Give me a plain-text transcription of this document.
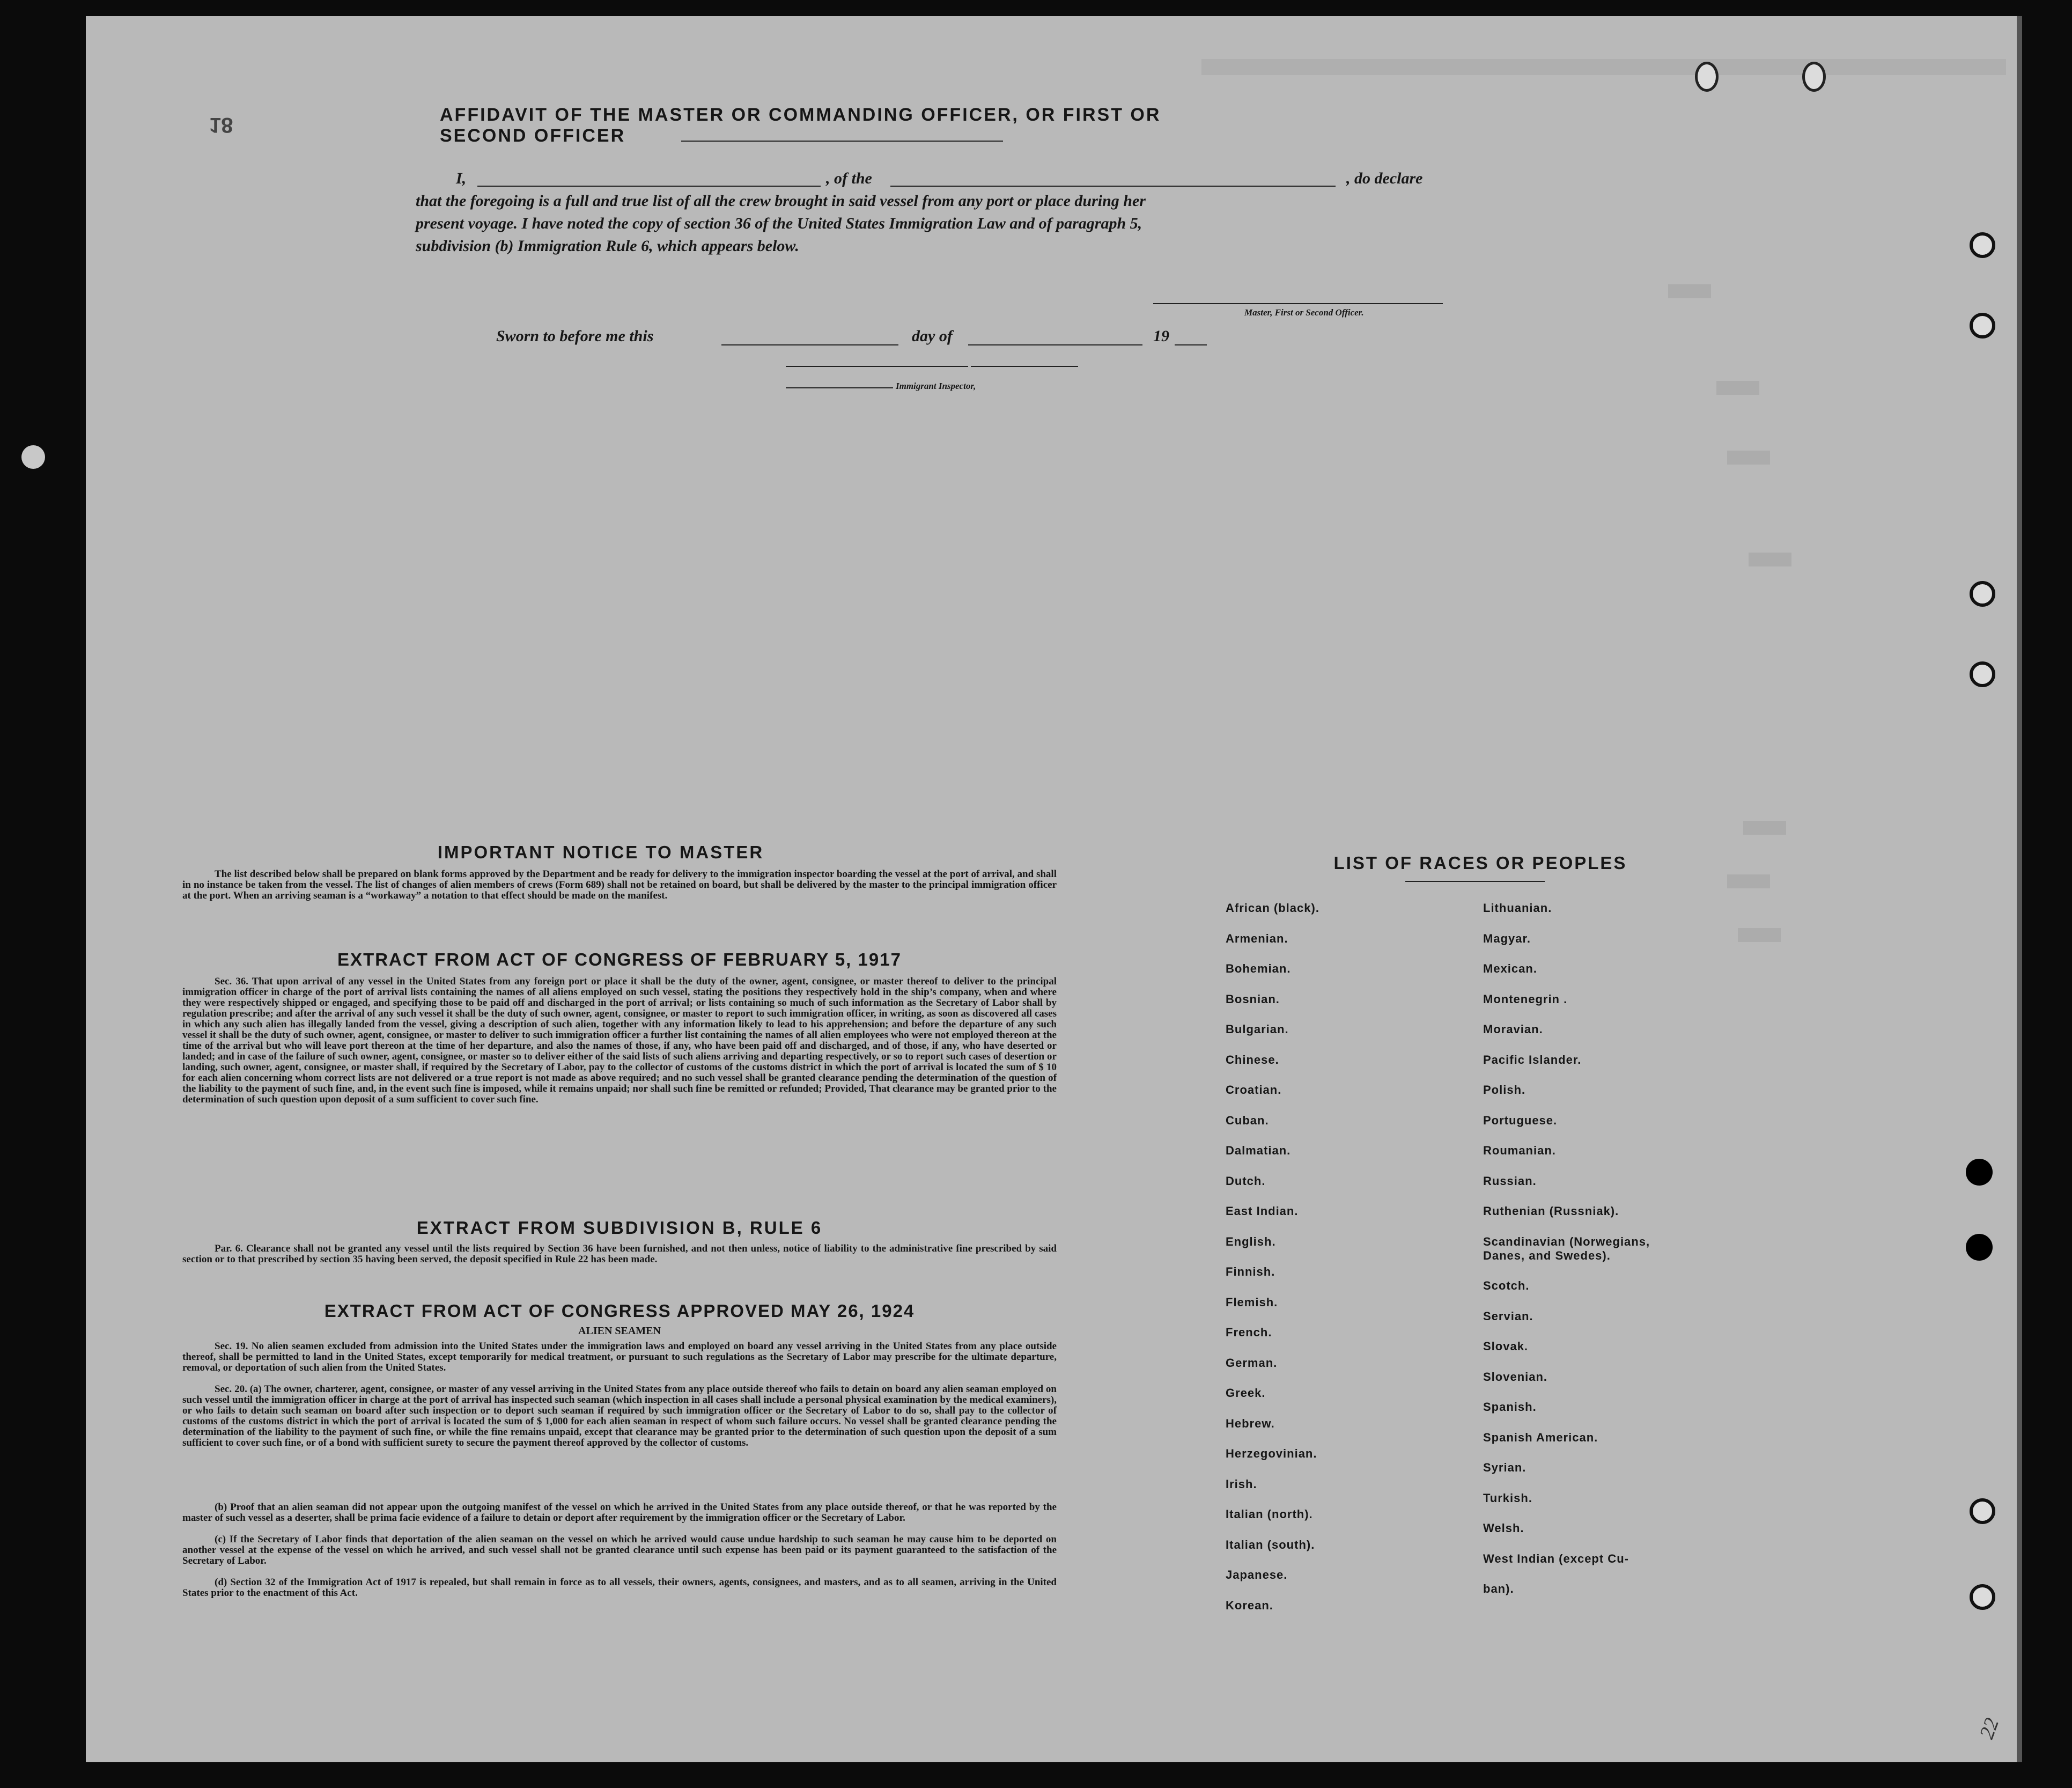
18	AFFIDAVIT OF THE MASTER OR COMMANDING OFFICER, OR FIRST OR SECOND OFFICER
I,	, of the	, do declare
that the foregoing is a full and true list of all the crew brought in said vessel from any port or place during her
present voyage. I have noted the copy of section 36 of the United States Immigration Law and of paragraph 5,
subdivision (b) Immigration Rule 6, which appears below.
Master, First or Second Officer.
Sworn to before me this	day of	19
Immigrant Inspector,
IMPORTANT NOTICE TO MASTER
The list described below shall be prepared on blank forms approved by the Department and be ready for delivery to the immigration inspector boarding the vessel at the port of arrival, and shall in no instance be taken from the vessel. The list of changes of alien members of crews (Form 689) shall not be retained on board, but shall be delivered by the master to the principal immigration officer at the port. When an arriving seaman is a “workaway” a notation to that effect should be made on the manifest.
EXTRACT FROM ACT OF CONGRESS OF FEBRUARY 5, 1917
Sec. 36. That upon arrival of any vessel in the United States from any foreign port or place it shall be the duty of the owner, agent, consignee, or master thereof to deliver to the principal immigration officer in charge of the port of arrival lists containing the names of all aliens employed on such vessel, stating the positions they respectively hold in the ship’s company, when and where they were respectively shipped or engaged, and specifying those to be paid off and discharged in the port of arrival; or lists containing so much of such information as the Secretary of Labor shall by regulation prescribe; and after the arrival of any such vessel it shall be the duty of such owner, agent, consignee, or master to report to such immigration officer, in writing, as soon as discovered all cases in which any such alien has illegally landed from the vessel, giving a description of such alien, together with any information likely to lead to his apprehension; and before the departure of any such vessel it shall be the duty of such owner, agent, consignee, or master to deliver to such immigration officer a further list containing the names of all alien employees who were not employed thereon at the time of the arrival but who will leave port thereon at the time of her departure, and also the names of those, if any, who have been paid off and discharged, and of those, if any, who have deserted or landed; and in case of the failure of such owner, agent, consignee, or master so to deliver either of the said lists of such aliens arriving and departing respectively, or so to report such cases of desertion or landing, such owner, agent, consignee, or master shall, if required by the Secretary of Labor, pay to the collector of customs of the customs district in which the port of arrival is located the sum of $ 10 for each alien concerning whom correct lists are not delivered or a true report is not made as above required; and no such vessel shall be granted clearance pending the determination of the question of the liability to the payment of such fine, and, in the event such fine is imposed, while it remains unpaid; nor shall such fine be remitted or refunded; Provided, That clearance may be granted prior to the determination of such question upon deposit of a sum sufficient to cover such fine.
EXTRACT FROM SUBDIVISION B, RULE 6
Par. 6. Clearance shall not be granted any vessel until the lists required by Section 36 have been furnished, and not then unless, notice of liability to the administrative fine prescribed by said section or to that prescribed by section 35 having been served, the deposit specified in Rule 22 has been made.
EXTRACT FROM ACT OF CONGRESS APPROVED MAY 26, 1924
ALIEN SEAMEN
Sec. 19. No alien seamen excluded from admission into the United States under the immigration laws and employed on board any vessel arriving in the United States from any place outside thereof, shall be permitted to land in the United States, except temporarily for medical treatment, or pursuant to such regulations as the Secretary of Labor may prescribe for the ultimate departure, removal, or deportation of such alien from the United States.
Sec. 20. (a) The owner, charterer, agent, consignee, or master of any vessel arriving in the United States from any place outside thereof who fails to detain on board any alien seaman employed on such vessel until the immigration officer in charge at the port of arrival has inspected such seaman (which inspection in all cases shall include a personal physical examination by the medical examiners), or who fails to detain such seaman on board after such inspection or to deport such seaman if required by such immigration officer or the Secretary of Labor to do so, shall pay to the collector of customs of the customs district in which the port of arrival is located the sum of $ 1,000 for each alien seaman in respect of whom such failure occurs. No vessel shall be granted clearance pending the determination of the liability to the payment of such fine, or while the fine remains unpaid, except that clearance may be granted prior to the determination of such question upon the deposit of a sum sufficient to cover such fine, or of a bond with sufficient surety to secure the payment thereof approved by the collector of customs.
(b) Proof that an alien seaman did not appear upon the outgoing manifest of the vessel on which he arrived in the United States from any place outside thereof, or that he was reported by the master of such vessel as a deserter, shall be prima facie evidence of a failure to detain or deport after requirement by the immigration officer or the Secretary of Labor.
(c) If the Secretary of Labor finds that deportation of the alien seaman on the vessel on which he arrived would cause undue hardship to such seaman he may cause him to be deported on another vessel at the expense of the vessel on which he arrived, and such vessel shall not be granted clearance until such expense has been paid or its payment guaranteed to the satisfaction of the Secretary of Labor.
(d) Section 32 of the Immigration Act of 1917 is repealed, but shall remain in force as to all vessels, their owners, agents, consignees, and masters, and as to all seamen, arriving in the United States prior to the enactment of this Act.
LIST OF RACES OR PEOPLES
African (black).
Armenian.
Bohemian.
Bosnian.
Bulgarian.
Chinese.
Croatian.
Cuban.
Dalmatian.
Dutch.
East Indian.
English.
Finnish.
Flemish.
French.
German.
Greek.
Hebrew.
Herzegovinian.
Irish.
Italian (north).
Italian (south).
Japanese.
Korean.
Lithuanian.
Magyar.
Mexican.
Montenegrin .
Moravian.
Pacific Islander.
Polish.
Portuguese.
Roumanian.
Russian.
Ruthenian (Russniak).
Scandinavian (Norwegians,
Danes, and Swedes).
Scotch.
Servian.
Slovak.
Slovenian.
Spanish.
Spanish American.
Syrian.
Turkish.
Welsh.
West Indian (except Cu-
ban).
22
